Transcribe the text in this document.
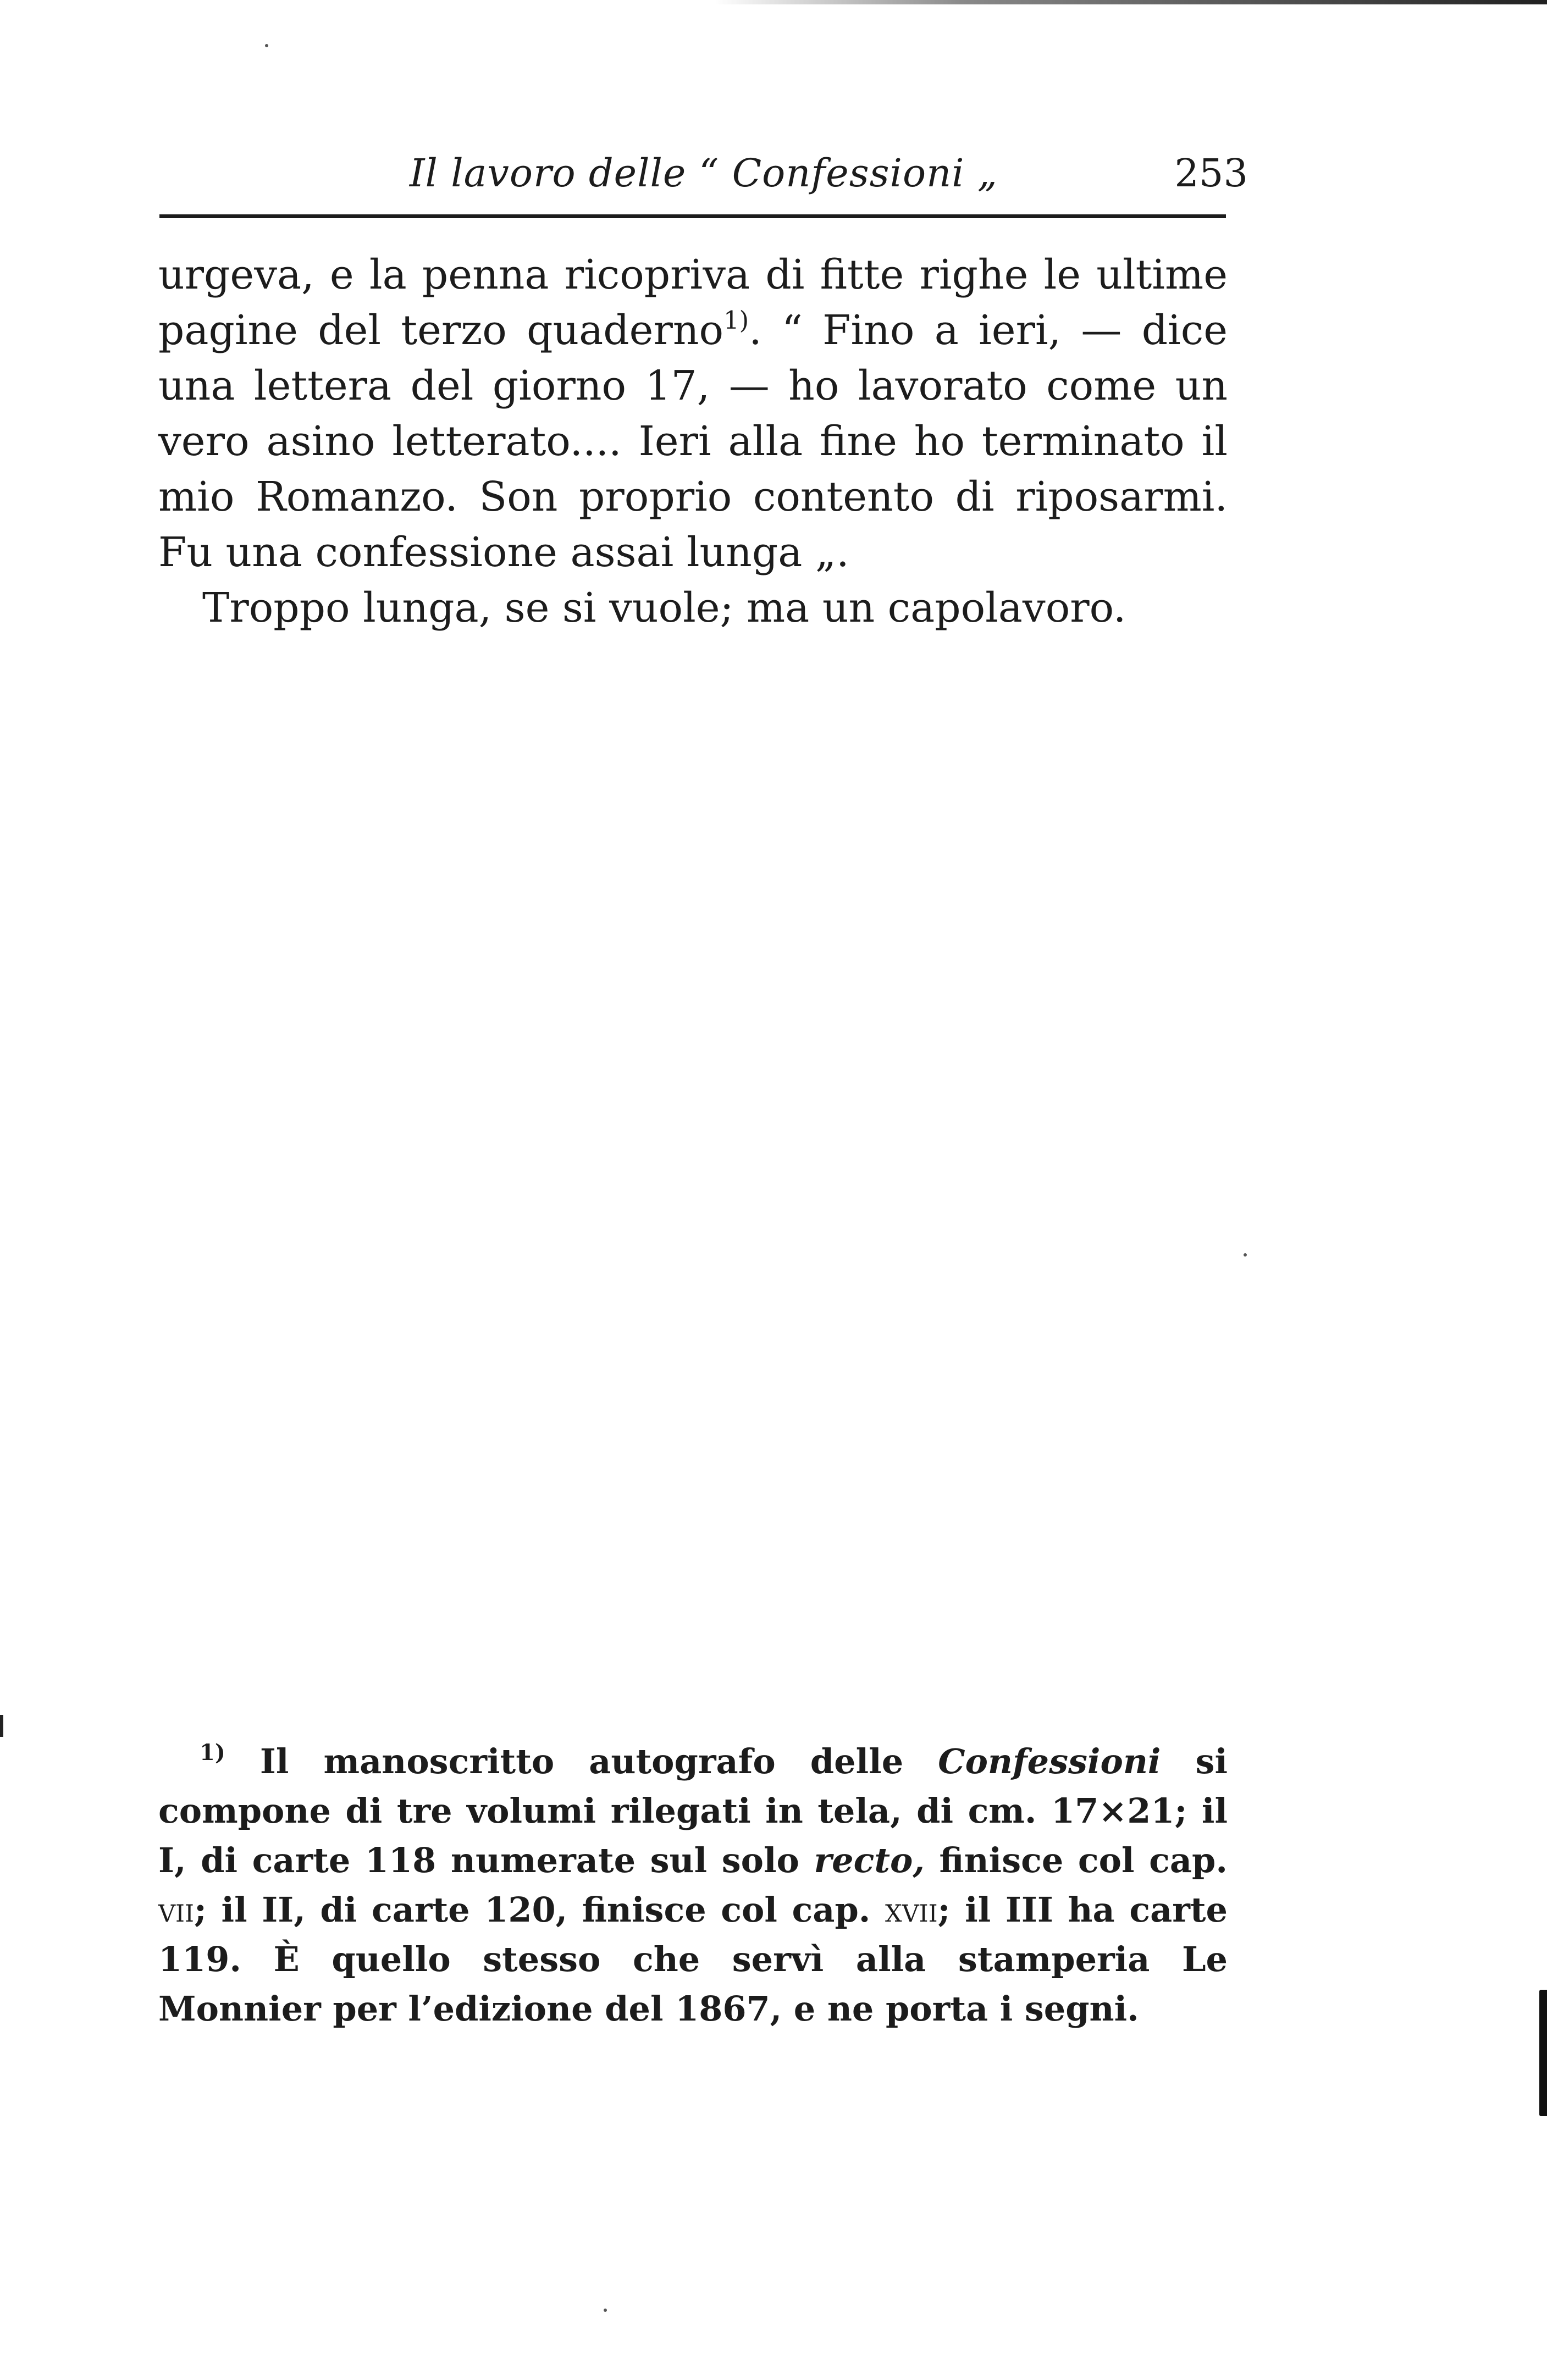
Il lavoro delle “ Confessioni „	253

urgeva, e la penna ricopriva di fitte righe le ultime pagine del terzo quaderno$^{1)}$. “ Fino a ieri, — dice una lettera del giorno 17, — ho lavorato come un vero asino letterato.... Ieri alla fine ho terminato il mio Romanzo. Son proprio contento di riposarmi. Fu una confessione assai lunga „.

Troppo lunga, se si vuole; ma un capolavoro.

$^{1)}$ Il manoscritto autografo delle Confessioni si compone di tre volumi rilegati in tela, di cm. 17×21; il I, di carte 118 numerate sul solo recto, finisce col cap. vii; il II, di carte 120, finisce col cap. xvii; il III ha carte 119. È quello stesso che servì alla stamperia Le Monnier per l’edizione del 1867, e ne porta i segni.
